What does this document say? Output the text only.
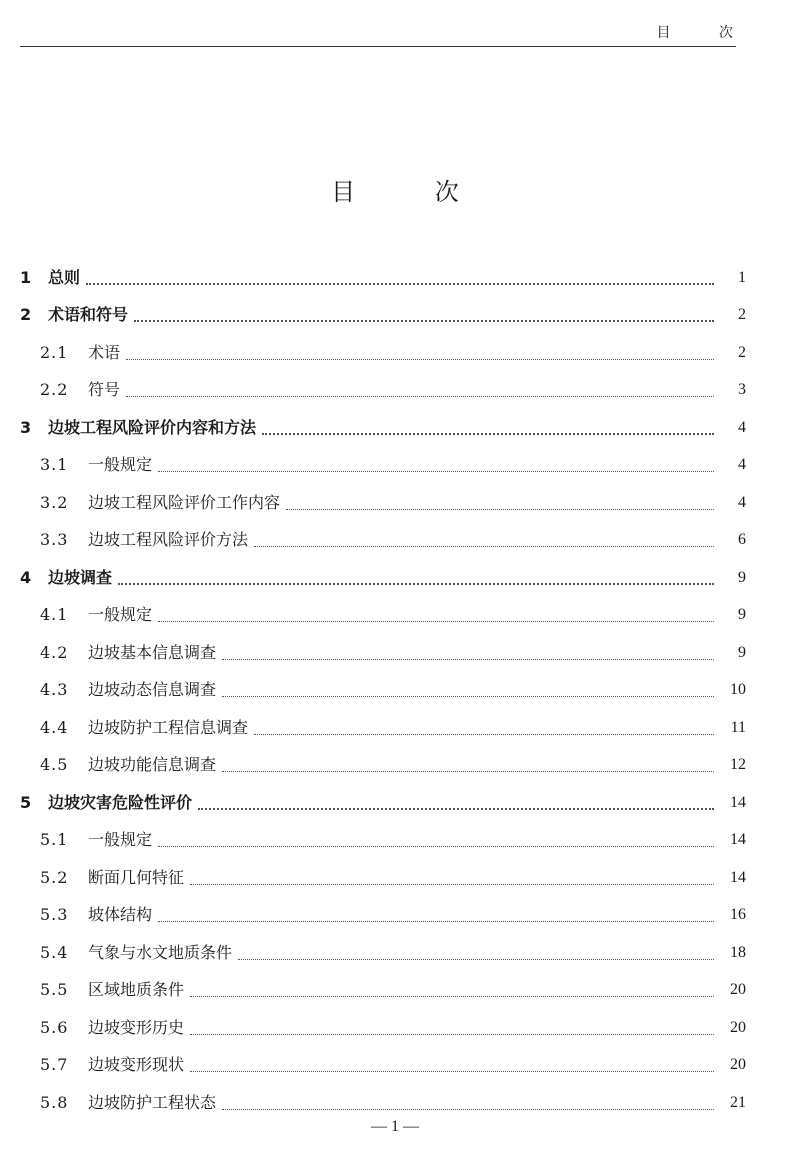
目 次
目 次
1	总则	1
2	术语和符号	2
2.1	术语	2
2.2	符号	3
3	边坡工程风险评价内容和方法	4
3.1	一般规定	4
3.2	边坡工程风险评价工作内容	4
3.3	边坡工程风险评价方法	6
4	边坡调查	9
4.1	一般规定	9
4.2	边坡基本信息调查	9
4.3	边坡动态信息调查	10
4.4	边坡防护工程信息调查	11
4.5	边坡功能信息调查	12
5	边坡灾害危险性评价	14
5.1	一般规定	14
5.2	断面几何特征	14
5.3	坡体结构	16
5.4	气象与水文地质条件	18
5.5	区域地质条件	20
5.6	边坡变形历史	20
5.7	边坡变形现状	20
5.8	边坡防护工程状态	21
— 1 —
